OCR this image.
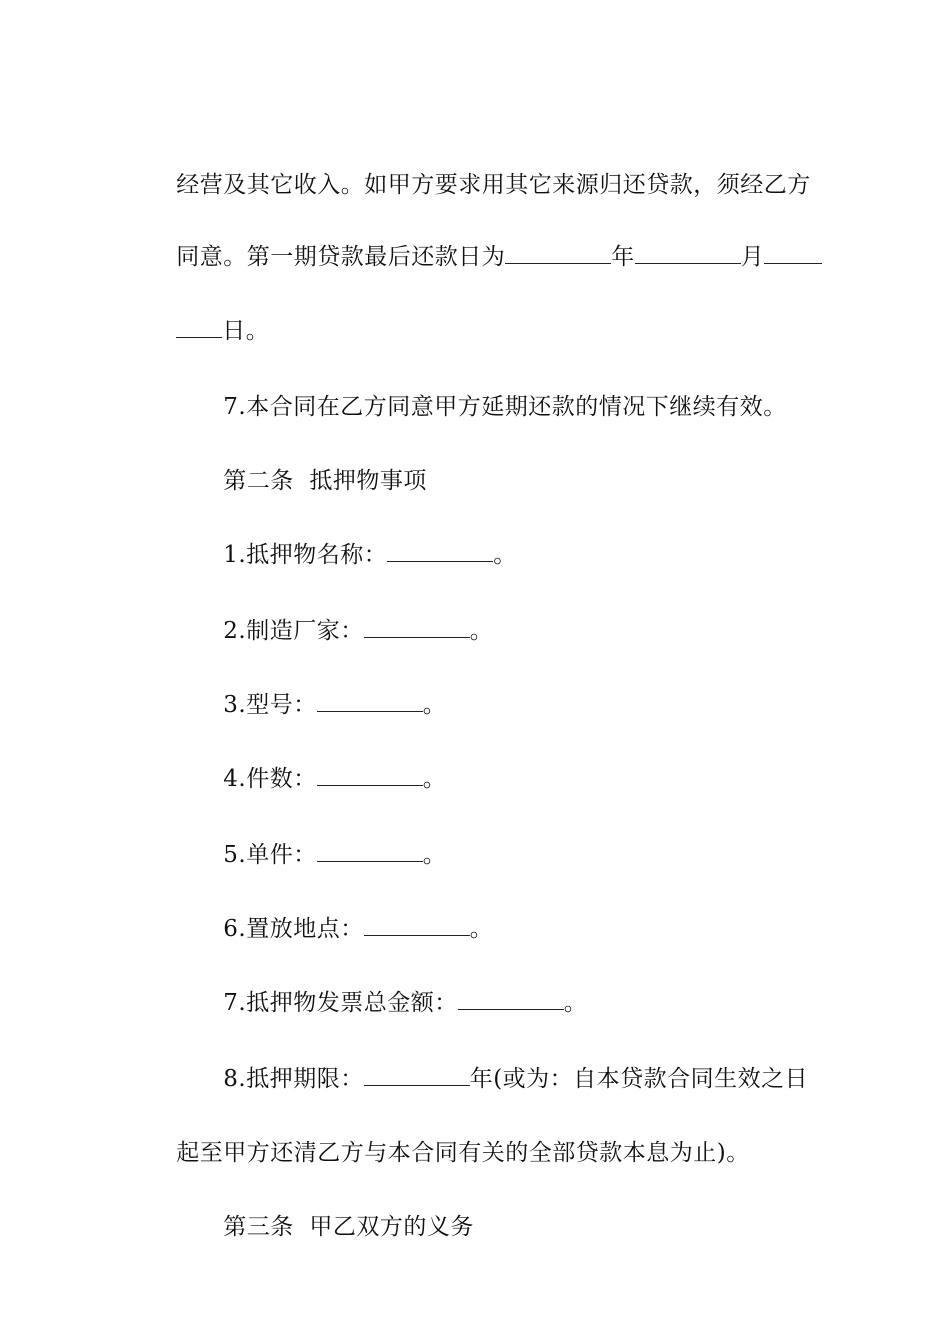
经营及其它收入。如甲方要求用其它来源归还贷款，须经乙方

同意。第一期贷款最后还款日为	年	月

日。

7.本合同在乙方同意甲方延期还款的情况下继续有效。

第二条  抵押物事项

1.抵押物名称：	。

2.制造厂家：	。

3.型号：	。

4.件数：	。

5.单件：	。

6.置放地点：	。

7.抵押物发票总金额：	。

8.抵押期限：	年(或为：自本贷款合同生效之日

起至甲方还清乙方与本合同有关的全部贷款本息为止)。

第三条  甲乙双方的义务
